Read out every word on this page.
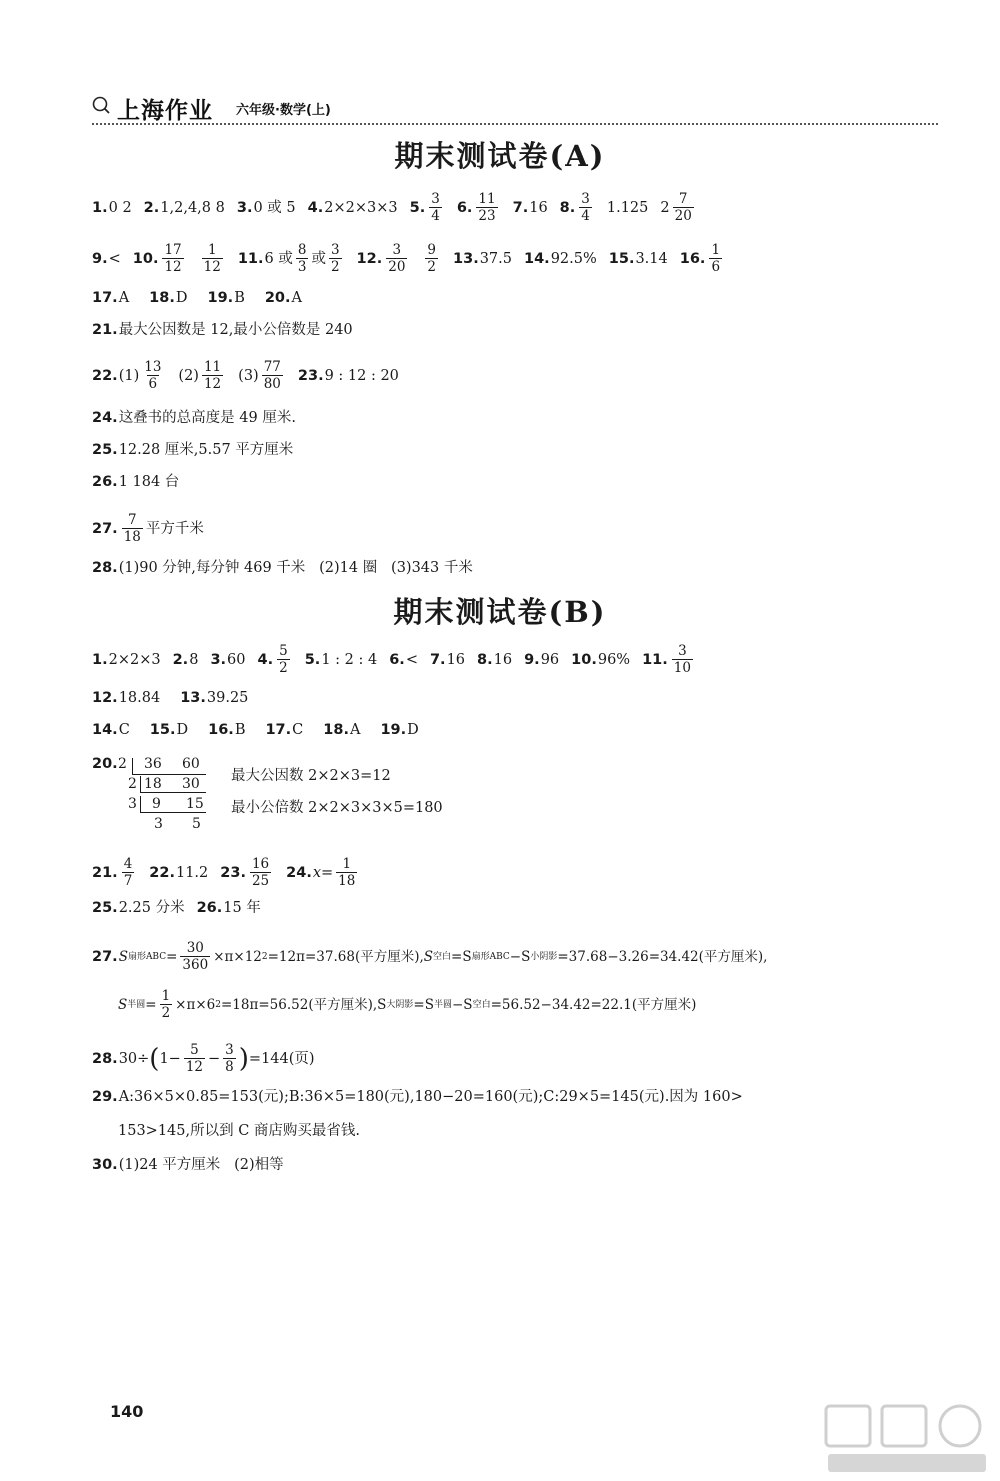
上海作业 六年级·数学(上)
期末测试卷(A)
1. 0 2 2. 1,2,4,8 8 3. 0 或 5 4. 2×2×3×3 5. $\frac{3}{4} 6$. $\frac{11}{23} 7$. 16 8. $\frac{3}{4} 1.125$ $2 \frac{7}{20}$
9. < 10. $\frac{17}{12} \frac{1}{12} 11$. 6 或 $\frac{8}{3}$ 或 $\frac{3}{2} 12$. $\frac{3}{20} \frac{9}{2} 13$. 37.5 14. 92.5% 15. 3.14 16. $\frac{1}{6}$
17. A 18. D 19. B 20. A
21. 最大公因数是 12,最小公倍数是 240
22. $(1) \frac{13}{6} (2) \frac{11}{12} (3) \frac{77}{80} 23$. 9 : 12 : 20
24. 这叠书的总高度是 49 厘米.
25. 12.28 厘米,5.57 平方厘米
26. 1 184 台
27. $\frac{7}{18}$ 平方千米
28. (1)90 分钟,每分钟 469 千米   (2)14 圈   (3)343 千米
期末测试卷(B)
1. 2×2×3 2. 8 3. 60 4. $\frac{5}{2} 5$. 1 : 2 : 4 6. < 7. 16 8. 16 9. 96 10. 96% 11. $\frac{3}{10}$
12. 18.84 13. 39.25
14. C 15. D 16. B 17. C 18. A 19. D
20. 2 36 60
2 18 30
3 9 15
3 5
最大公因数 2×2×3=12
最小公倍数 2×2×3×3×5=180
21. $\frac{4}{7} 22$. 11.2 23. $\frac{16}{25} 24$. $x= \frac{1}{18}$
25. 2.25 分米 26. 15 年
27. S 扇形ABC = $\frac{30}{360} \times\pi\times 12$ 2 =12π=37.68(平方厘米), S 空白 =S 扇形ABC −S 小阴影 =37.68−3.26=34.42(平方厘米),
S 半圆 = $\frac{1}{2} \times\pi\times 6$ 2 =18π=56.52(平方厘米),S 大阴影 =S 半圆 −S 空白 =56.52−34.42=22.1(平方厘米)
28. 30÷ ( $1- \frac{5}{12} - \frac{3}{8}$ ) =144(页)
29. A:36×5×0.85=153(元);B:36×5=180(元),180−20=160(元);C:29×5=145(元).因为 160>
153>145,所以到 C 商店购买最省钱.
30. (1)24 平方厘米   (2)相等
140
